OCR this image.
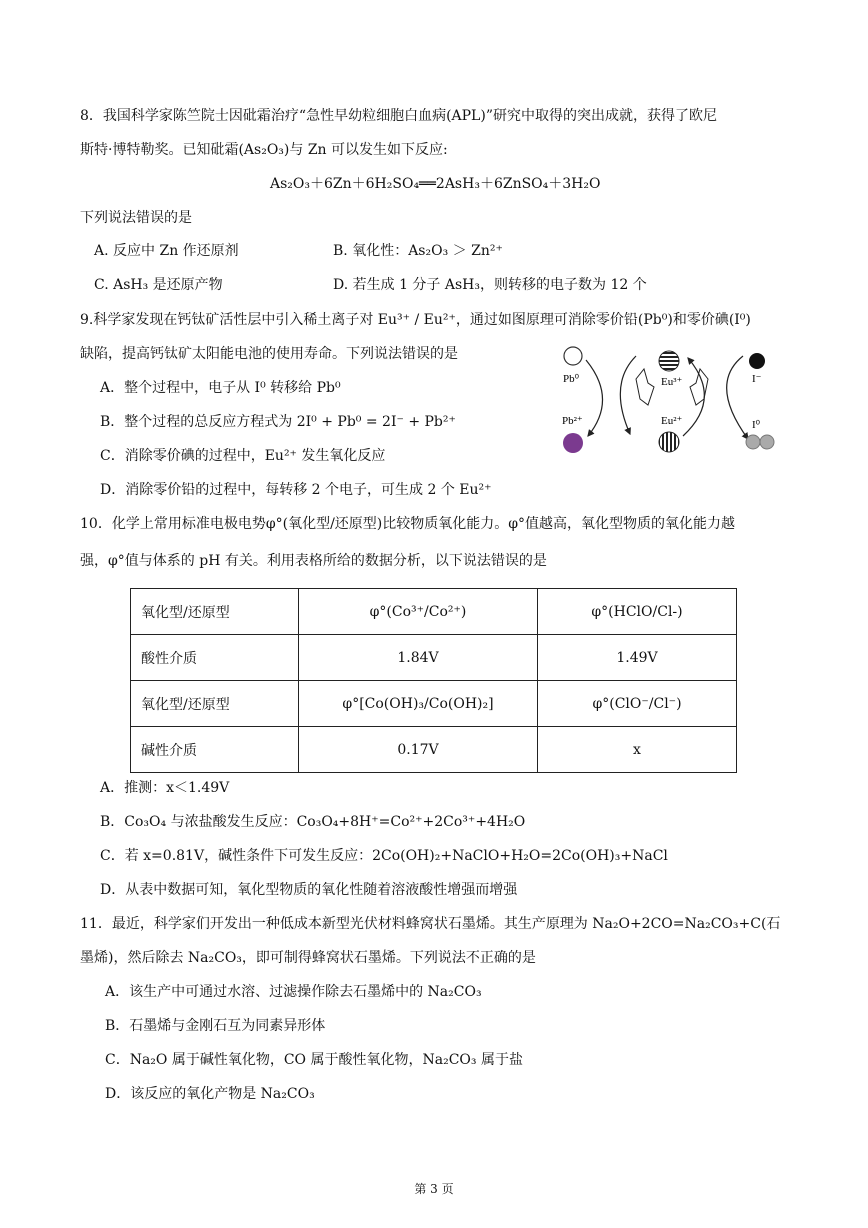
8．我国科学家陈竺院士因砒霜治疗“急性早幼粒细胞白血病(APL)”研究中取得的突出成就，获得了欧尼
斯特·博特勒奖。已知砒霜(As₂O₃)与 Zn 可以发生如下反应:
As₂O₃＋6Zn＋6H₂SO₄══2AsH₃＋6ZnSO₄＋3H₂O
下列说法错误的是
A. 反应中 Zn 作还原剂	B. 氧化性：As₂O₃ ＞ Zn²⁺
C. AsH₃ 是还原产物	D. 若生成 1 分子 AsH₃，则转移的电子数为 12 个
9.科学家发现在钙钛矿活性层中引入稀土离子对 Eu³⁺ / Eu²⁺，通过如图原理可消除零价铅(Pb⁰)和零价碘(I⁰)
缺陷，提高钙钛矿太阳能电池的使用寿命。下列说法错误的是
A．整个过程中，电子从 I⁰ 转移给 Pb⁰
B．整个过程的总反应方程式为 2I⁰ + Pb⁰ = 2I⁻ + Pb²⁺
C．消除零价碘的过程中，Eu²⁺ 发生氧化反应
D．消除零价铅的过程中，每转移 2 个电子，可生成 2 个 Eu²⁺
Pb⁰
Pb²⁺
Eu³⁺
Eu²⁺
I⁻
I⁰
10．化学上常用标准电极电势φ°(氧化型/还原型)比较物质氧化能力。φ°值越高，氧化型物质的氧化能力越
强，φ°值与体系的 pH 有关。利用表格所给的数据分析，以下说法错误的是
氧化型/还原型	φ°(Co³⁺/Co²⁺)	φ°(HClO/Cl-)
酸性介质	1.84V	1.49V
氧化型/还原型	φ°[Co(OH)₃/Co(OH)₂]	φ°(ClO⁻/Cl⁻)
碱性介质	0.17V	x
A．推测：x＜1.49V
B．Co₃O₄ 与浓盐酸发生反应：Co₃O₄+8H⁺=Co²⁺+2Co³⁺+4H₂O
C．若 x=0.81V，碱性条件下可发生反应：2Co(OH)₂+NaClO+H₂O=2Co(OH)₃+NaCl
D．从表中数据可知，氧化型物质的氧化性随着溶液酸性增强而增强
11．最近，科学家们开发出一种低成本新型光伏材料蜂窝状石墨烯。其生产原理为 Na₂O+2CO=Na₂CO₃+C(石
墨烯)，然后除去 Na₂CO₃，即可制得蜂窝状石墨烯。下列说法不正确的是
A．该生产中可通过水溶、过滤操作除去石墨烯中的 Na₂CO₃
B．石墨烯与金刚石互为同素异形体
C．Na₂O 属于碱性氧化物，CO 属于酸性氧化物，Na₂CO₃ 属于盐
D．该反应的氧化产物是 Na₂CO₃
第 3 页
